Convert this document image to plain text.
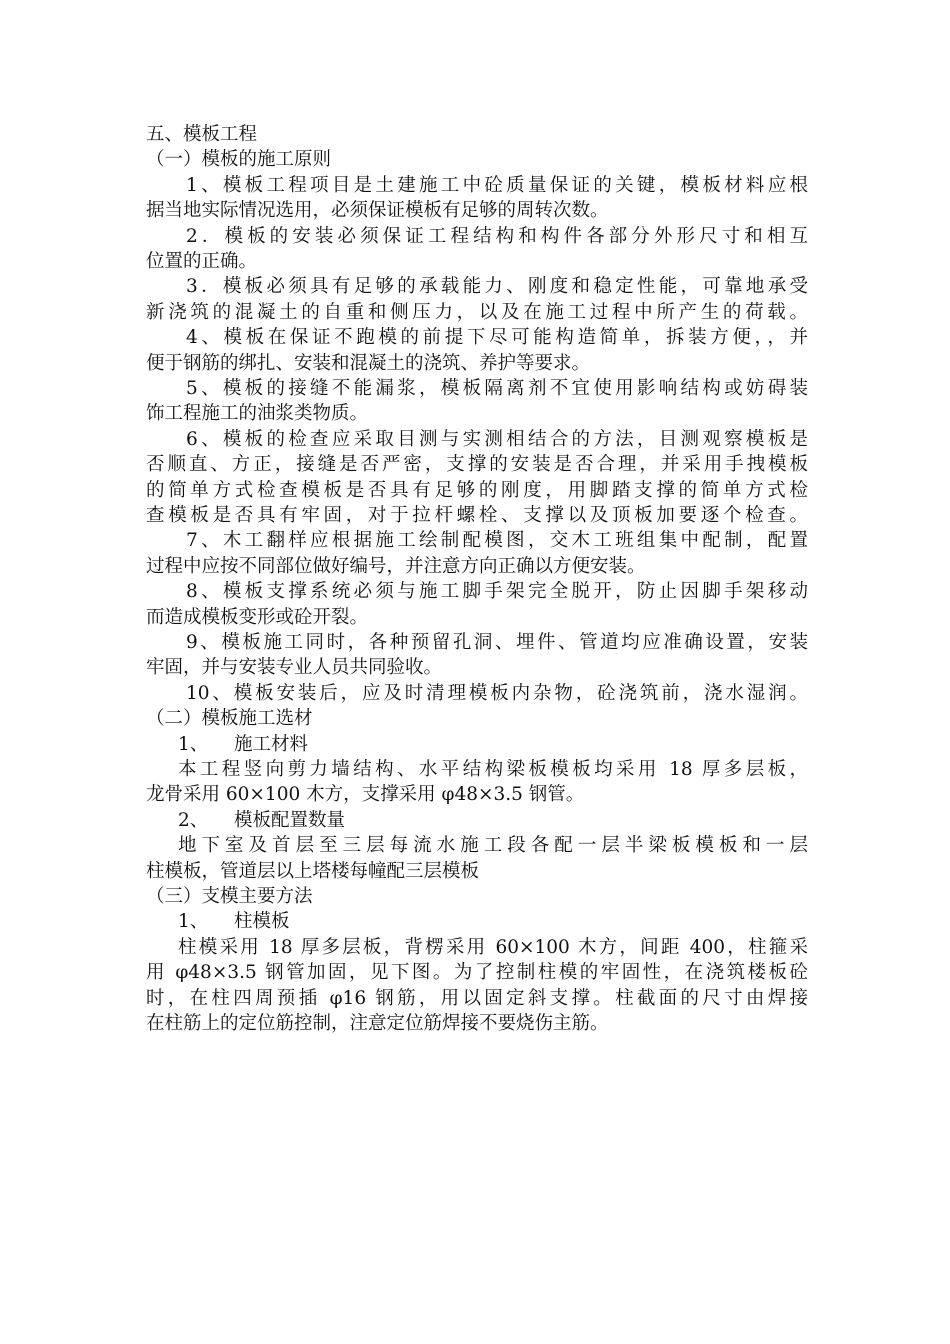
五、模板工程

（一）模板的施工原则

1、模板工程项目是土建施工中砼质量保证的关键，模板材料应根

据当地实际情况选用，必须保证模板有足够的周转次数。

2．模板的安装必须保证工程结构和构件各部分外形尺寸和相互

位置的正确。

3．模板必须具有足够的承载能力、刚度和稳定性能，可靠地承受

新浇筑的混凝土的自重和侧压力，以及在施工过程中所产生的荷载。

4、模板在保证不跑模的前提下尽可能构造简单，拆装方便，，并

便于钢筋的绑扎、安装和混凝土的浇筑、养护等要求。

5、模板的接缝不能漏浆，模板隔离剂不宜使用影响结构或妨碍装

饰工程施工的油浆类物质。

6、模板的检查应采取目测与实测相结合的方法，目测观察模板是

否顺直、方正，接缝是否严密，支撑的安装是否合理，并采用手拽模板

的简单方式检查模板是否具有足够的刚度，用脚踏支撑的简单方式检

查模板是否具有牢固，对于拉杆螺栓、支撑以及顶板加要逐个检查。

7、木工翻样应根据施工绘制配模图，交木工班组集中配制，配置

过程中应按不同部位做好编号，并注意方向正确以方便安装。

8、模板支撑系统必须与施工脚手架完全脱开，防止因脚手架移动

而造成模板变形或砼开裂。

9、模板施工同时，各种预留孔洞、埋件、管道均应准确设置，安装

牢固，并与安装专业人员共同验收。

10、模板安装后，应及时清理模板内杂物，砼浇筑前，浇水湿润。

（二）模板施工选材

1、 施工材料

本工程竖向剪力墙结构、水平结构梁板模板均采用 18 厚多层板，

龙骨采用 60×100 木方，支撑采用 φ48×3.5 钢管。

2、 模板配置数量

地下室及首层至三层每流水施工段各配一层半梁板模板和一层

柱模板，管道层以上塔楼每幢配三层模板

（三）支模主要方法

1、 柱模板

柱模采用 18 厚多层板，背楞采用 60×100 木方，间距 400，柱箍采

用 φ48×3.5 钢管加固，见下图。为了控制柱模的牢固性，在浇筑楼板砼

时，在柱四周预插 φ16 钢筋，用以固定斜支撑。柱截面的尺寸由焊接

在柱筋上的定位筋控制，注意定位筋焊接不要烧伤主筋。
